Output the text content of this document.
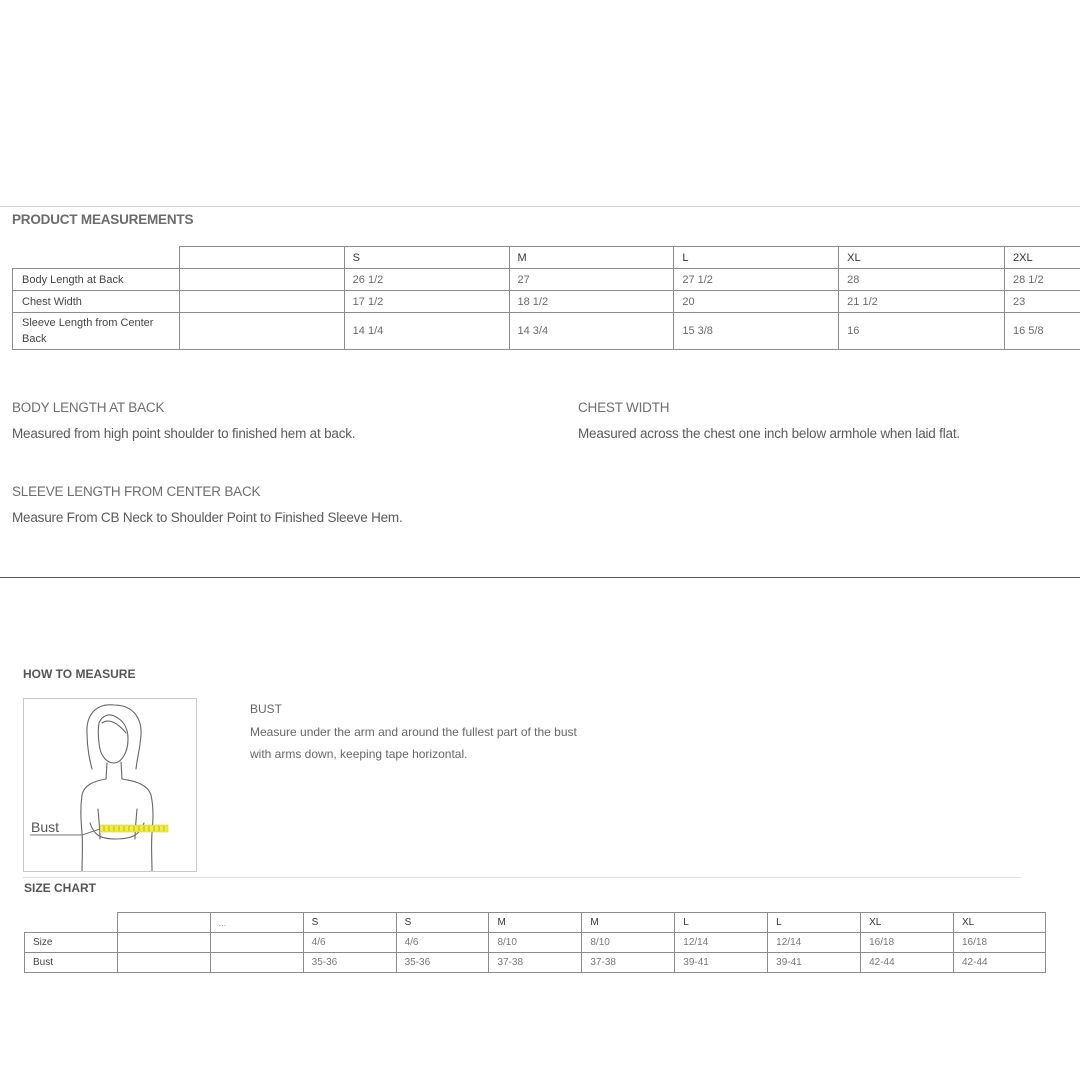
PRODUCT MEASUREMENTS
		S	M	L	XL	2XL
Body Length at Back		26 1/2	27	27 1/2	28	28 1/2
Chest Width		17 1/2	18 1/2	20	21 1/2	23
Sleeve Length from Center Back		14 1/4	14 3/4	15 3/8	16	16 5/8
BODY LENGTH AT BACK
Measured from high point shoulder to finished hem at back.
CHEST WIDTH
Measured across the chest one inch below armhole when laid flat.
SLEEVE LENGTH FROM CENTER BACK
Measure From CB Neck to Shoulder Point to Finished Sleeve Hem.
HOW TO MEASURE
Bust
BUST
Measure under the arm and around the fullest part of the bust
with arms down, keeping tape horizontal.
SIZE CHART
		...	S	S	M	M	L	L	XL	XL
Size			4/6	4/6	8/10	8/10	12/14	12/14	16/18	16/18
Bust			35-36	35-36	37-38	37-38	39-41	39-41	42-44	42-44
